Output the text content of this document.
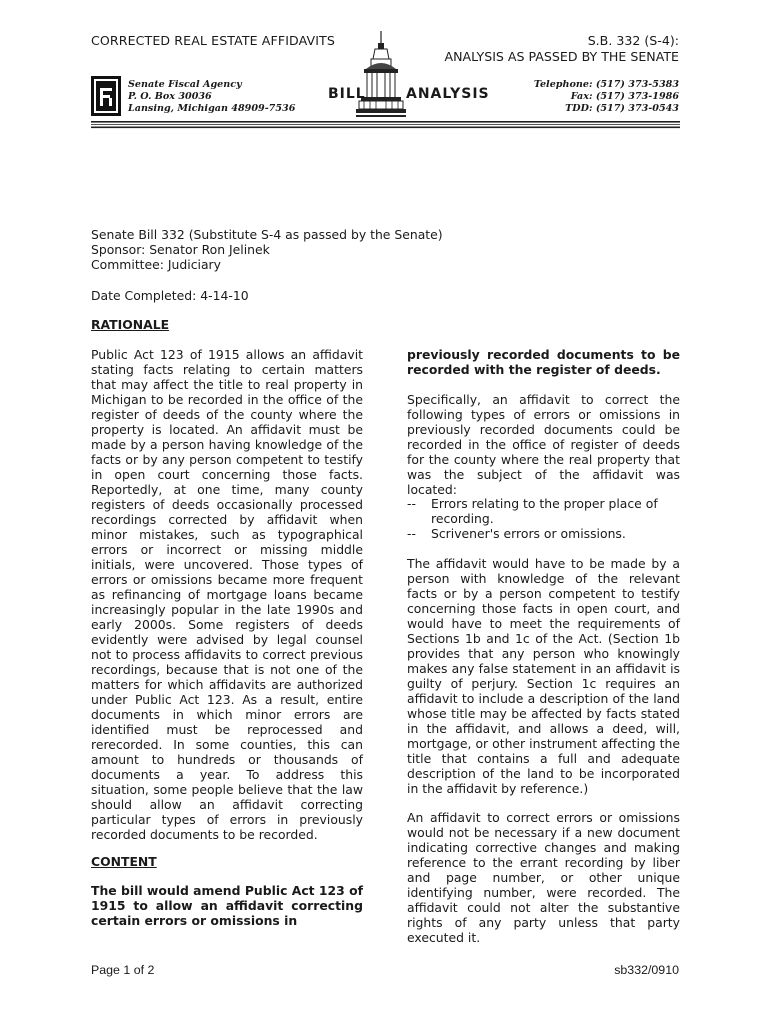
CORRECTED REAL ESTATE AFFIDAVITS	S.B. 332 (S-4):
ANALYSIS AS PASSED BY THE SENATE
Senate Fiscal Agency
P. O. Box 30036
Lansing, Michigan 48909-7536
BILL	ANALYSIS
Telephone: (517) 373-5383
Fax: (517) 373-1986
TDD: (517) 373-0543
Senate Bill 332 (Substitute S-4 as passed by the Senate)
Sponsor: Senator Ron Jelinek
Committee: Judiciary
Date Completed: 4-14-10
RATIONALE
Public Act 123 of 1915 allows an affidavit stating facts relating to certain matters that may affect the title to real property in Michigan to be recorded in the office of the register of deeds of the county where the property is located. An affidavit must be made by a person having knowledge of the facts or by any person competent to testify in open court concerning those facts. Reportedly, at one time, many county registers of deeds occasionally processed recordings corrected by affidavit when minor mistakes, such as typographical errors or incorrect or missing middle initials, were uncovered. Those types of errors or omissions became more frequent as refinancing of mortgage loans became increasingly popular in the late 1990s and early 2000s. Some registers of deeds evidently were advised by legal counsel not to process affidavits to correct previous recordings, because that is not one of the matters for which affidavits are authorized under Public Act 123. As a result, entire documents in which minor errors are identified must be reprocessed and rerecorded. In some counties, this can amount to hundreds or thousands of documents a year. To address this situation, some people believe that the law should allow an affidavit correcting particular types of errors in previously recorded documents to be recorded.
CONTENT
The bill would amend Public Act 123 of 1915 to allow an affidavit correcting certain errors or omissions in
previously recorded documents to be recorded with the register of deeds.
Specifically, an affidavit to correct the following types of errors or omissions in previously recorded documents could be recorded in the office of register of deeds for the county where the real property that was the subject of the affidavit was located:
--	Errors relating to the proper place of recording.
--	Scrivener's errors or omissions.
The affidavit would have to be made by a person with knowledge of the relevant facts or by a person competent to testify concerning those facts in open court, and would have to meet the requirements of Sections 1b and 1c of the Act. (Section 1b provides that any person who knowingly makes any false statement in an affidavit is guilty of perjury. Section 1c requires an affidavit to include a description of the land whose title may be affected by facts stated in the affidavit, and allows a deed, will, mortgage, or other instrument affecting the title that contains a full and adequate description of the land to be incorporated in the affidavit by reference.)
An affidavit to correct errors or omissions would not be necessary if a new document indicating corrective changes and making reference to the errant recording by liber and page number, or other unique identifying number, were recorded. The affidavit could not alter the substantive rights of any party unless that party executed it.
Page 1 of 2	sb332/0910
